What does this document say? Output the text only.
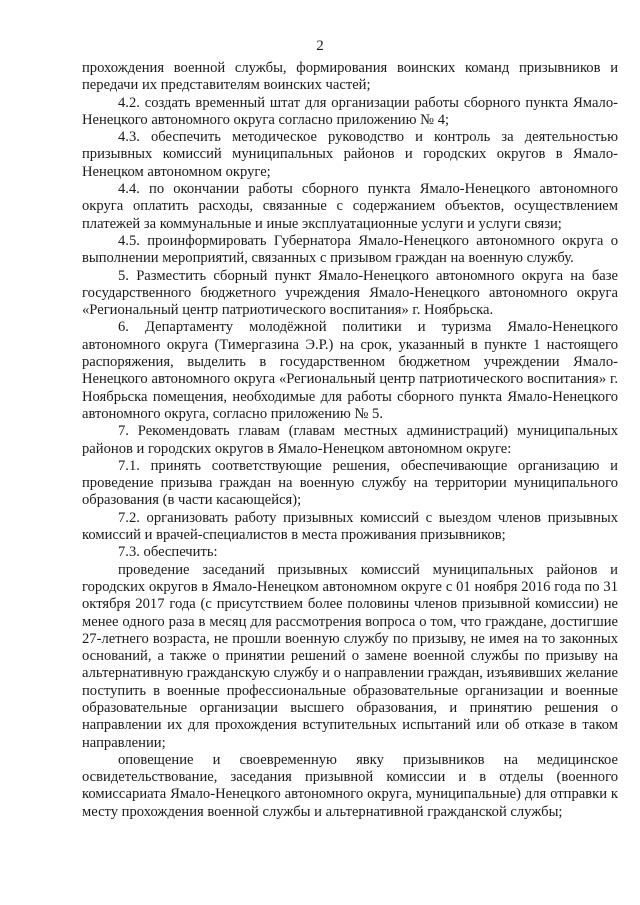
2

прохождения военной службы, формирования воинских команд призывников и передачи их представителям воинских частей;

4.2. создать временный штат для организации работы сборного пункта Ямало-Ненецкого автономного округа согласно приложению № 4;

4.3. обеспечить методическое руководство и контроль за деятельностью призывных комиссий муниципальных районов и городских округов в Ямало-Ненецком автономном округе;

4.4. по окончании работы сборного пункта Ямало-Ненецкого автономного округа оплатить расходы, связанные с содержанием объектов, осуществлением платежей за коммунальные и иные эксплуатационные услуги и услуги связи;

4.5. проинформировать Губернатора Ямало-Ненецкого автономного округа о выполнении мероприятий, связанных с призывом граждан на военную службу.

5. Разместить сборный пункт Ямало-Ненецкого автономного округа на базе государственного бюджетного учреждения Ямало-Ненецкого автономного округа «Региональный центр патриотического воспитания» г. Ноябрьска.

6. Департаменту молодёжной политики и туризма Ямало-Ненецкого автономного округа (Тимергазина Э.Р.) на срок, указанный в пункте 1 настоящего распоряжения, выделить в государственном бюджетном учреждении Ямало-Ненецкого автономного округа «Региональный центр патриотического воспитания» г. Ноябрьска помещения, необходимые для работы сборного пункта Ямало-Ненецкого автономного округа, согласно приложению № 5.

7. Рекомендовать главам (главам местных администраций) муниципальных районов и городских округов в Ямало-Ненецком автономном округе:

7.1. принять соответствующие решения, обеспечивающие организацию и проведение призыва граждан на военную службу на территории муниципального образования (в части касающейся);

7.2. организовать работу призывных комиссий с выездом членов призывных комиссий и врачей-специалистов в места проживания призывников;

7.3. обеспечить:

проведение заседаний призывных комиссий муниципальных районов и городских округов в Ямало-Ненецком автономном округе с 01 ноября 2016 года по 31 октября 2017 года (с присутствием более половины членов призывной комиссии) не менее одного раза в месяц для рассмотрения вопроса о том, что граждане, достигшие 27-летнего возраста, не прошли военную службу по призыву, не имея на то законных оснований, а также о принятии решений о замене военной службы по призыву на альтернативную гражданскую службу и о направлении граждан, изъявивших желание поступить в военные профессиональные образовательные организации и военные образовательные организации высшего образования, и принятию решения о направлении их для прохождения вступительных испытаний или об отказе в таком направлении;

оповещение и своевременную явку призывников на медицинское освидетельствование, заседания призывной комиссии и в отделы (военного комиссариата Ямало-Ненецкого автономного округа, муниципальные) для отправки к месту прохождения военной службы и альтернативной гражданской службы;
